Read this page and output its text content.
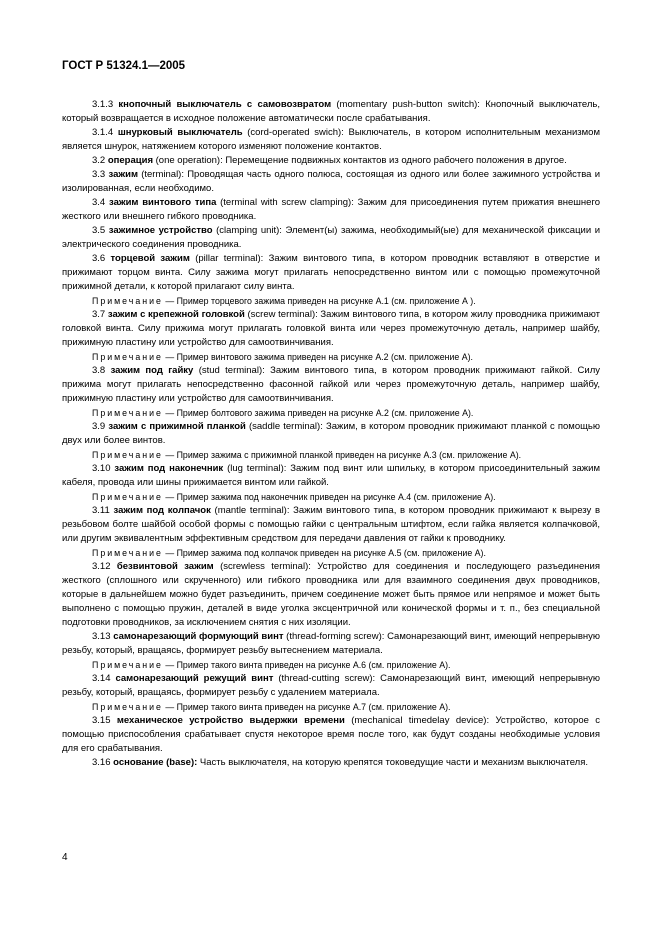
ГОСТ Р 51324.1—2005

3.1.3 кнопочный выключатель с самовозвратом (momentary push-button switch): Кнопочный выключатель, который возвращается в исходное положение автоматически после срабатывания.

3.1.4 шнурковый выключатель (cord-operated swich): Выключатель, в котором исполнительным механизмом является шнурок, натяжением которого изменяют положение контактов.

3.2 операция (one operation): Перемещение подвижных контактов из одного рабочего положения в другое.

3.3 зажим (terminal): Проводящая часть одного полюса, состоящая из одного или более зажимного устройства и изолированная, если необходимо.

3.4 зажим винтового типа (terminal with screw clamping): Зажим для присоединения путем прижатия внешнего жесткого или внешнего гибкого проводника.

3.5 зажимное устройство (clamping unit): Элемент(ы) зажима, необходимый(ые) для механической фиксации и электрического соединения проводника.

3.6 торцевой зажим (pillar terminal): Зажим винтового типа, в котором проводник вставляют в отверстие и прижимают торцом винта. Силу зажима могут прилагать непосредственно винтом или с помощью промежуточной прижимной детали, к которой прилагают силу винта.

Примечание — Пример торцевого зажима приведен на рисунке А.1 (см. приложение А ).

3.7 зажим с крепежной головкой (screw terminal): Зажим винтового типа, в котором жилу проводника прижимают головкой винта. Силу прижима могут прилагать головкой винта или через промежуточную деталь, например шайбу, прижимную пластину или устройство для самоотвинчивания.

Примечание — Пример винтового зажима приведен на рисунке А.2 (см. приложение А).

3.8 зажим под гайку (stud terminal): Зажим винтового типа, в котором проводник прижимают гайкой. Силу прижима могут прилагать непосредственно фасонной гайкой или через промежуточную деталь, например шайбу, прижимную пластину или устройство для самоотвинчивания.

Примечание — Пример болтового зажима приведен на рисунке А.2 (см. приложение А).

3.9 зажим с прижимной планкой (saddle terminal): Зажим, в котором проводник прижимают планкой с помощью двух или более винтов.

Примечание — Пример зажима с прижимной планкой приведен на рисунке А.3 (см. приложение А).

3.10 зажим под наконечник (lug terminal): Зажим под винт или шпильку, в котором присоединительный зажим кабеля, провода или шины прижимается винтом или гайкой.

Примечание — Пример зажима под наконечник приведен на рисунке А.4 (см. приложение А).

3.11 зажим под колпачок (mantle terminal): Зажим винтового типа, в котором проводник прижимают к вырезу в резьбовом болте шайбой особой формы с помощью гайки с центральным штифтом, если гайка является колпачковой, или другим эквивалентным эффективным средством для передачи давления от гайки к проводнику.

Примечание — Пример зажима под колпачок приведен на рисунке А.5 (см. приложение А).

3.12 безвинтовой зажим (screwless terminal): Устройство для соединения и последующего разъединения жесткого (сплошного или скрученного) или гибкого проводника или для взаимного соединения двух проводников, которые в дальнейшем можно будет разъединить, причем соединение может быть прямое или непрямое и может быть выполнено с помощью пружин, деталей в виде уголка эксцентричной или конической формы и т. п., без специальной подготовки проводников, за исключением снятия с них изоляции.

3.13 самонарезающий формующий винт (thread-forming screw): Самонарезающий винт, имеющий непрерывную резьбу, который, вращаясь, формирует резьбу вытеснением материала.

Примечание — Пример такого винта приведен на рисунке А.6 (см. приложение А).

3.14 самонарезающий режущий винт (thread-cutting screw): Самонарезающий винт, имеющий непрерывную резьбу, который, вращаясь, формирует резьбу с удалением материала.

Примечание — Пример такого винта приведен на рисунке А.7 (см. приложение А).

3.15 механическое устройство выдержки времени (mechanical timedelay device): Устройство, которое с помощью приспособления срабатывает спустя некоторое время после того, как будут созданы необходимые условия для его срабатывания.

3.16 основание (base): Часть выключателя, на которую крепятся токоведущие части и механизм выключателя.

4
